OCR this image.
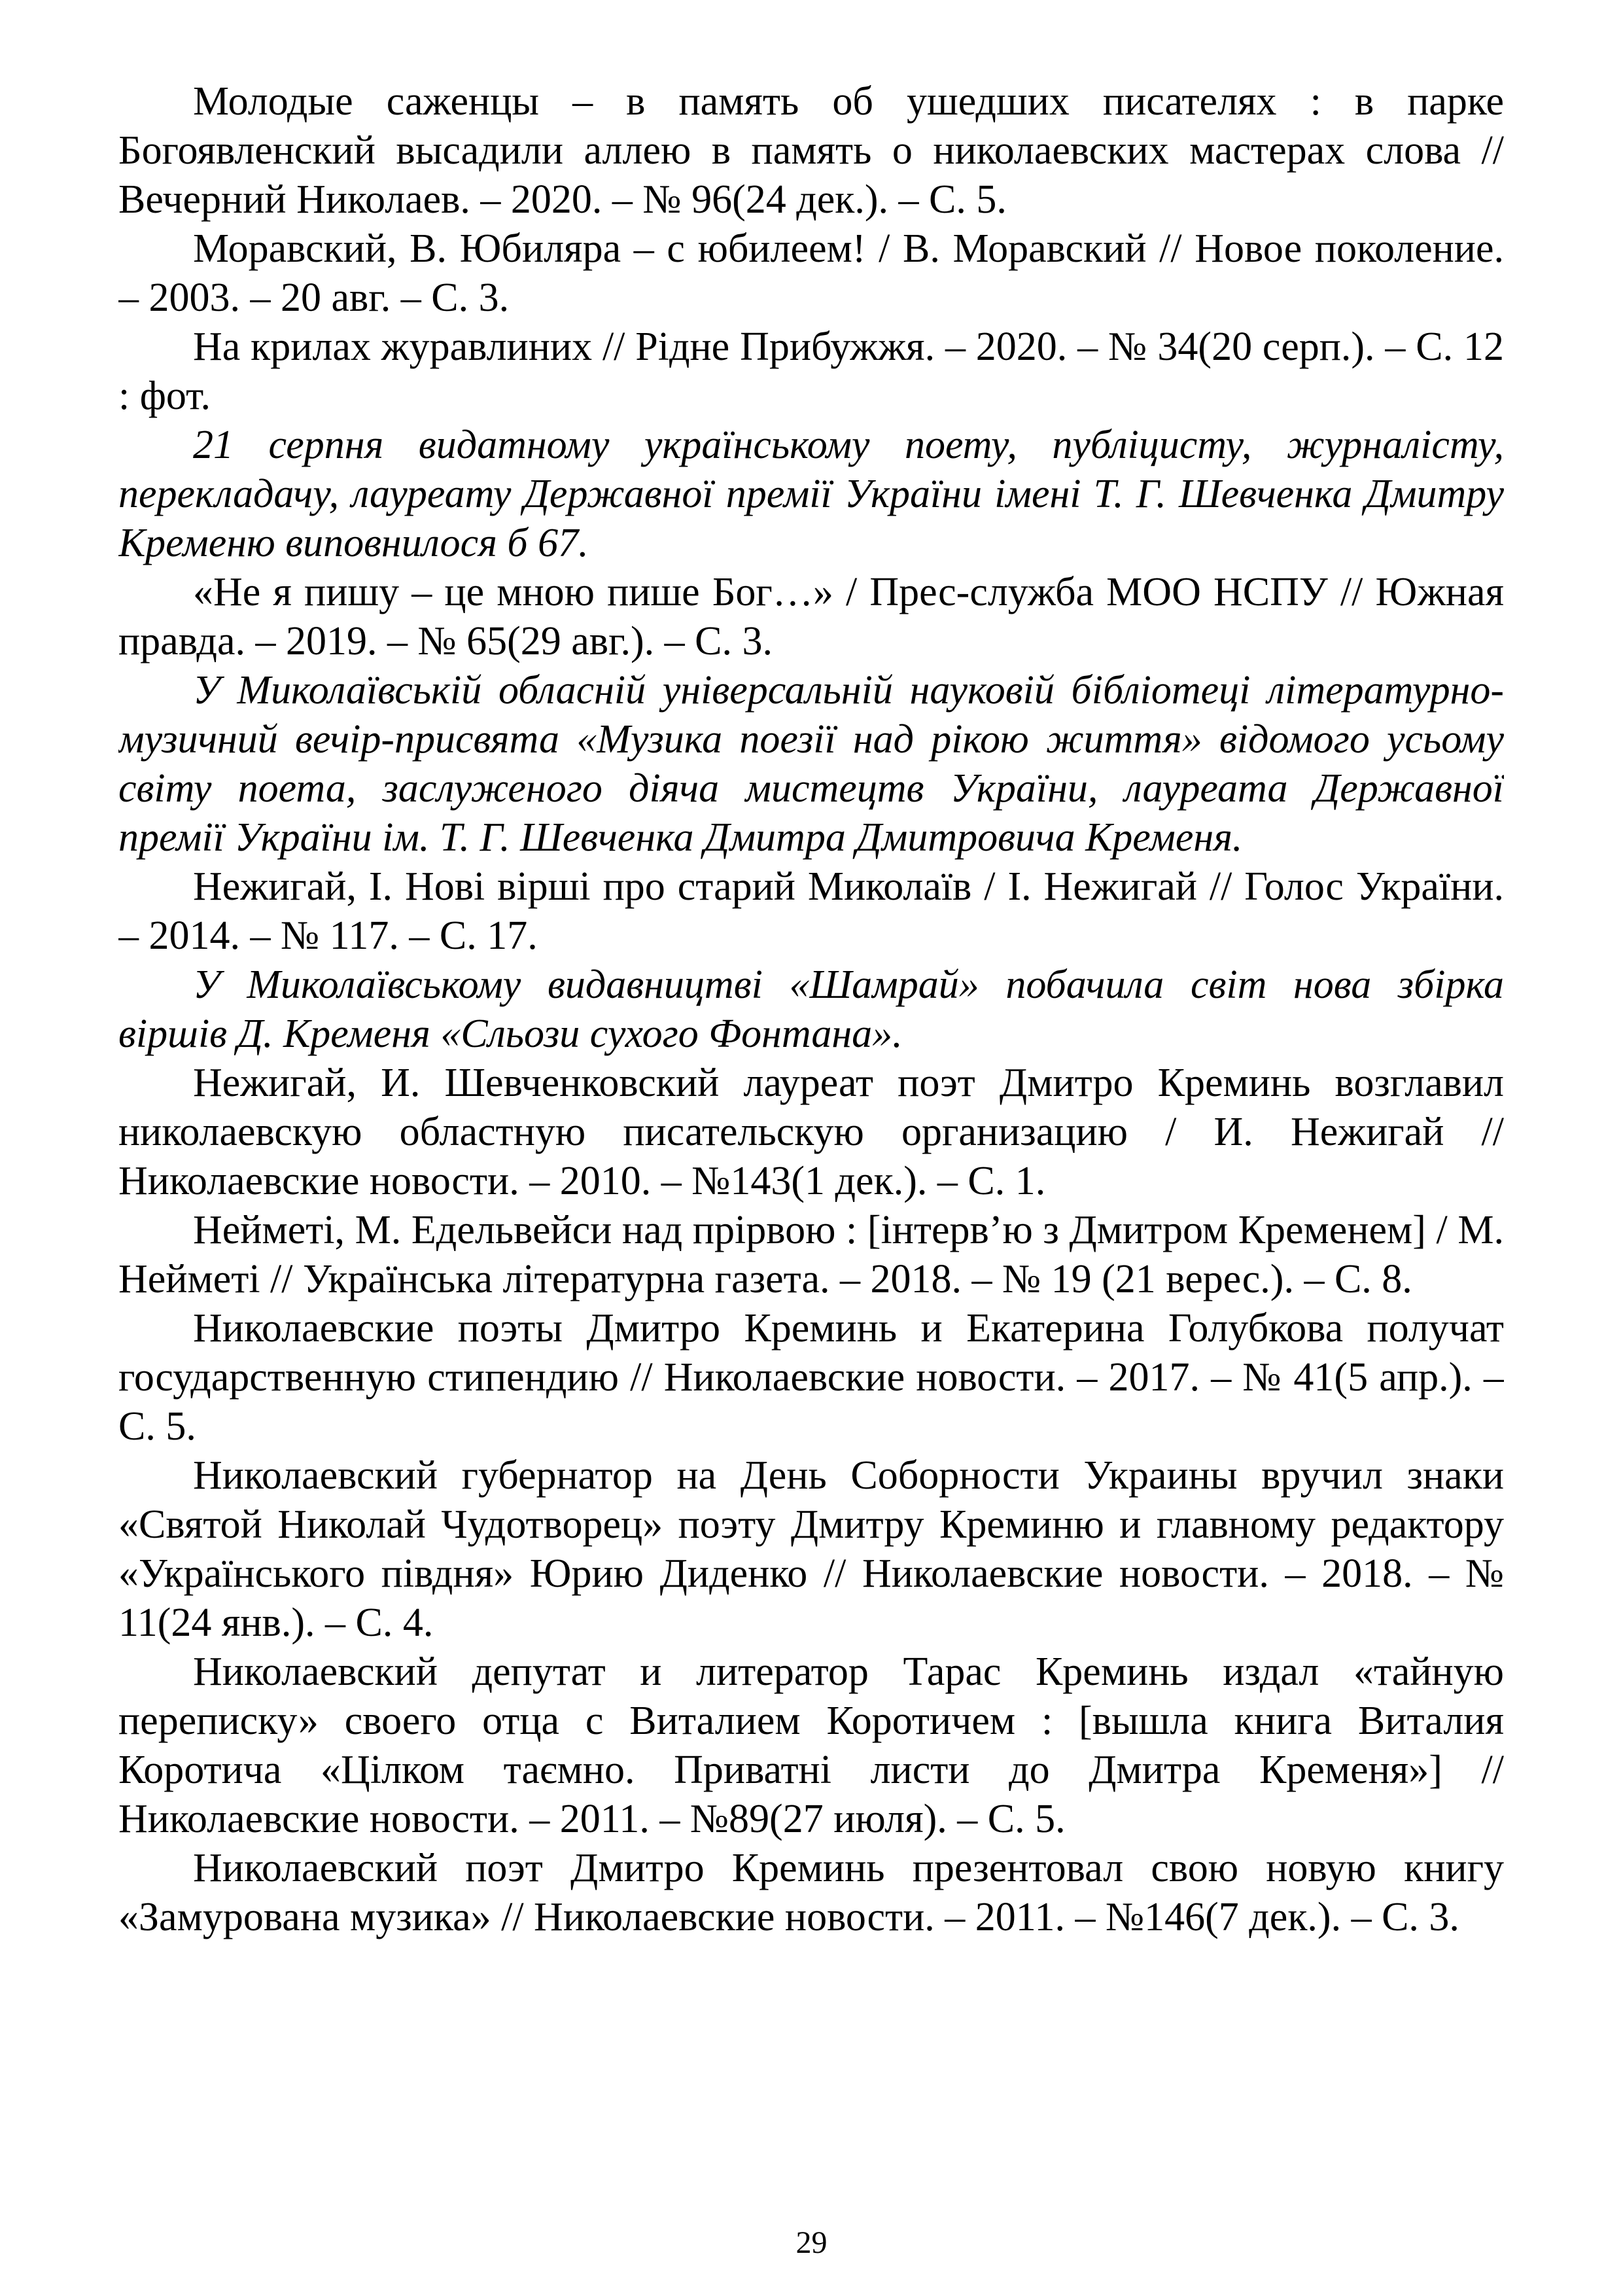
Молодые саженцы – в память об ушедших писателях : в парке Богоявленский высадили аллею в память о николаевских мастерах слова // Вечерний Николаев. – 2020. – № 96(24 дек.). – С. 5.

Моравский, В. Юбиляра – с юбилеем! / В. Моравский // Новое поколение. – 2003. – 20 авг. – С. 3.

На крилах журавлиних // Рідне Прибужжя. – 2020. – № 34(20 серп.). – С. 12 : фот.

21 серпня видатному українському поету, публіцисту, журналісту, перекладачу, лауреату Державної премії України імені Т. Г. Шевченка Дмитру Кременю виповнилося б 67.

«Не я пишу – це мною пише Бог…» / Прес-служба МОО НСПУ // Южная правда. – 2019. – № 65(29 авг.). – С. 3.

У Миколаївській обласній універсальній науковій бібліотеці літературно-музичний вечір-присвята «Музика поезії над рікою життя» відомого усьому світу поета, заслуженого діяча мистецтв України, лауреата Державної премії України ім. Т. Г. Шевченка Дмитра Дмитровича Кременя.

Нежигай, І. Нові вірші про старий Миколаїв / І. Нежигай // Голос України. – 2014. – № 117. – С. 17.

У Миколаївському видавництві «Шамрай» побачила світ нова збірка віршів Д. Кременя «Сльози сухого Фонтана».

Нежигай, И. Шевченковский лауреат поэт Дмитро Креминь возглавил николаевскую областную писательскую организацию / И. Нежигай // Николаевские новости. – 2010. – №143(1 дек.). – С. 1.

Нейметі, М. Едельвейси над прірвою : [інтерв’ю з Дмитром Кременем] / М. Нейметі // Українська літературна газета. – 2018. – № 19 (21 верес.). – С. 8.

Николаевские поэты Дмитро Креминь и Екатерина Голубкова получат государственную стипендию // Николаевские новости. – 2017. – № 41(5 апр.). – С. 5.

Николаевский губернатор на День Соборности Украины вручил знаки «Святой Николай Чудотворец» поэту Дмитру Креминю и главному редактору «Українського півдня» Юрию Диденко // Николаевские новости. – 2018. – № 11(24 янв.). – С. 4.

Николаевский депутат и литератор Тарас Креминь издал «тайную переписку» своего отца с Виталием Коротичем : [вышла книга Виталия Коротича «Цілком таємно. Приватні листи до Дмитра Кременя»] // Николаевские новости. – 2011. – №89(27 июля). – С. 5.

Николаевский поэт Дмитро Креминь презентовал свою новую книгу «Замурована музика» // Николаевские новости. – 2011. – №146(7 дек.). – С. 3.

29
